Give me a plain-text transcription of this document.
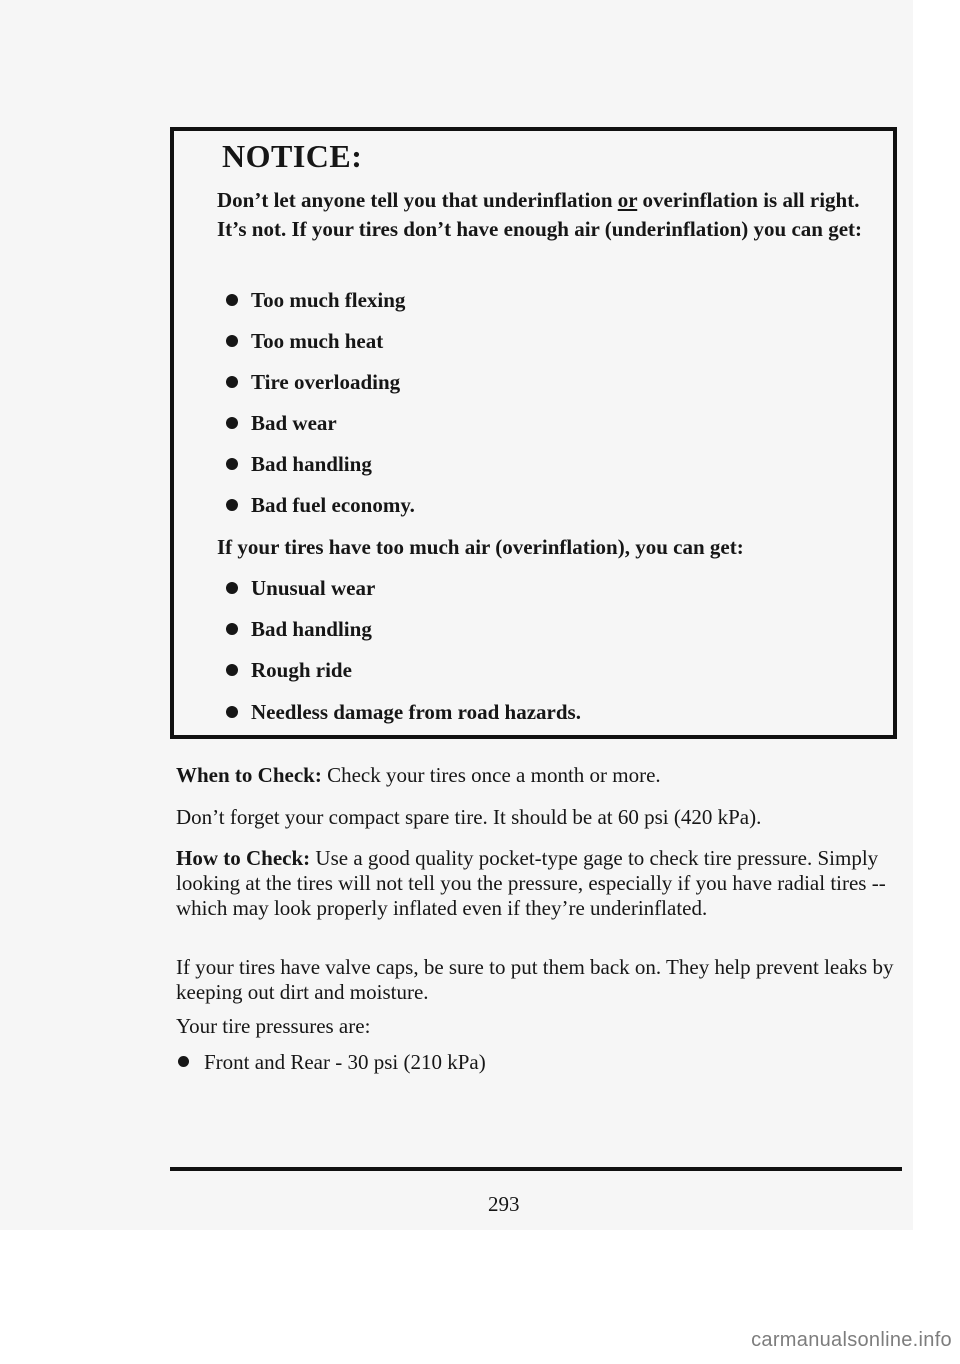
NOTICE:
Don’t let anyone tell you that underinflation or overinflation is all right. It’s not. If your tires don’t have enough air (underinflation) you can get:
Too much flexing
Too much heat
Tire overloading
Bad wear
Bad handling
Bad fuel economy.
If your tires have too much air (overinflation), you can get:
Unusual wear
Bad handling
Rough ride
Needless damage from road hazards.
When to Check: Check your tires once a month or more.
Don’t forget your compact spare tire. It should be at 60 psi (420 kPa).
How to Check: Use a good quality pocket-type gage to check tire pressure. Simply looking at the tires will not tell you the pressure, especially if you have radial tires -- which may look properly inflated even if they’re underinflated.
If your tires have valve caps, be sure to put them back on. They help prevent leaks by keeping out dirt and moisture.
Your tire pressures are:
Front and Rear - 30 psi (210 kPa)
293
carmanualsonline.info
